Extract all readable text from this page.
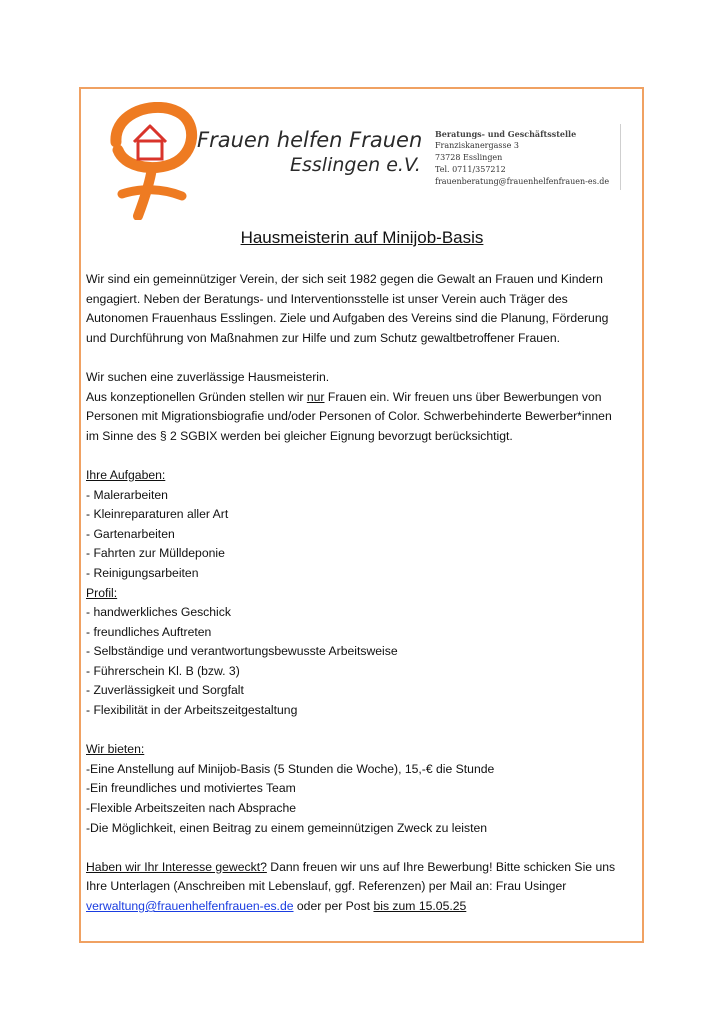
Frauen helfen Frauen
Esslingen e.V.
Beratungs- und Geschäftsstelle
Franziskanergasse 3
73728 Esslingen
Tel. 0711/357212
frauenberatung@frauenhelfenfrauen-es.de
Hausmeisterin auf Minijob-Basis

Wir sind ein gemeinnütziger Verein, der sich seit 1982 gegen die Gewalt an Frauen und Kindern

engagiert. Neben der Beratungs- und Interventionsstelle ist unser Verein auch Träger des

Autonomen Frauenhaus Esslingen. Ziele und Aufgaben des Vereins sind die Planung, Förderung

und Durchführung von Maßnahmen zur Hilfe und zum Schutz gewaltbetroffener Frauen.

Wir suchen eine zuverlässige Hausmeisterin.

Aus konzeptionellen Gründen stellen wir nur Frauen ein. Wir freuen uns über Bewerbungen von

Personen mit Migrationsbiografie und/oder Personen of Color. Schwerbehinderte Bewerber*innen

im Sinne des § 2 SGBIX werden bei gleicher Eignung bevorzugt berücksichtigt.

Ihre Aufgaben:

- Malerarbeiten

- Kleinreparaturen aller Art

- Gartenarbeiten

- Fahrten zur Mülldeponie

- Reinigungsarbeiten

Profil:

- handwerkliches Geschick

- freundliches Auftreten

- Selbständige und verantwortungsbewusste Arbeitsweise

- Führerschein Kl. B (bzw. 3)

- Zuverlässigkeit und Sorgfalt

- Flexibilität in der Arbeitszeitgestaltung

Wir bieten:

-Eine Anstellung auf Minijob-Basis (5 Stunden die Woche), 15,-€ die Stunde

-Ein freundliches und motiviertes Team

-Flexible Arbeitszeiten nach Absprache

-Die Möglichkeit, einen Beitrag zu einem gemeinnützigen Zweck zu leisten

Haben wir Ihr Interesse geweckt? Dann freuen wir uns auf Ihre Bewerbung! Bitte schicken Sie uns

Ihre Unterlagen (Anschreiben mit Lebenslauf, ggf. Referenzen) per Mail an: Frau Usinger

verwaltung@frauenhelfenfrauen-es.de oder per Post bis zum 15.05.25
